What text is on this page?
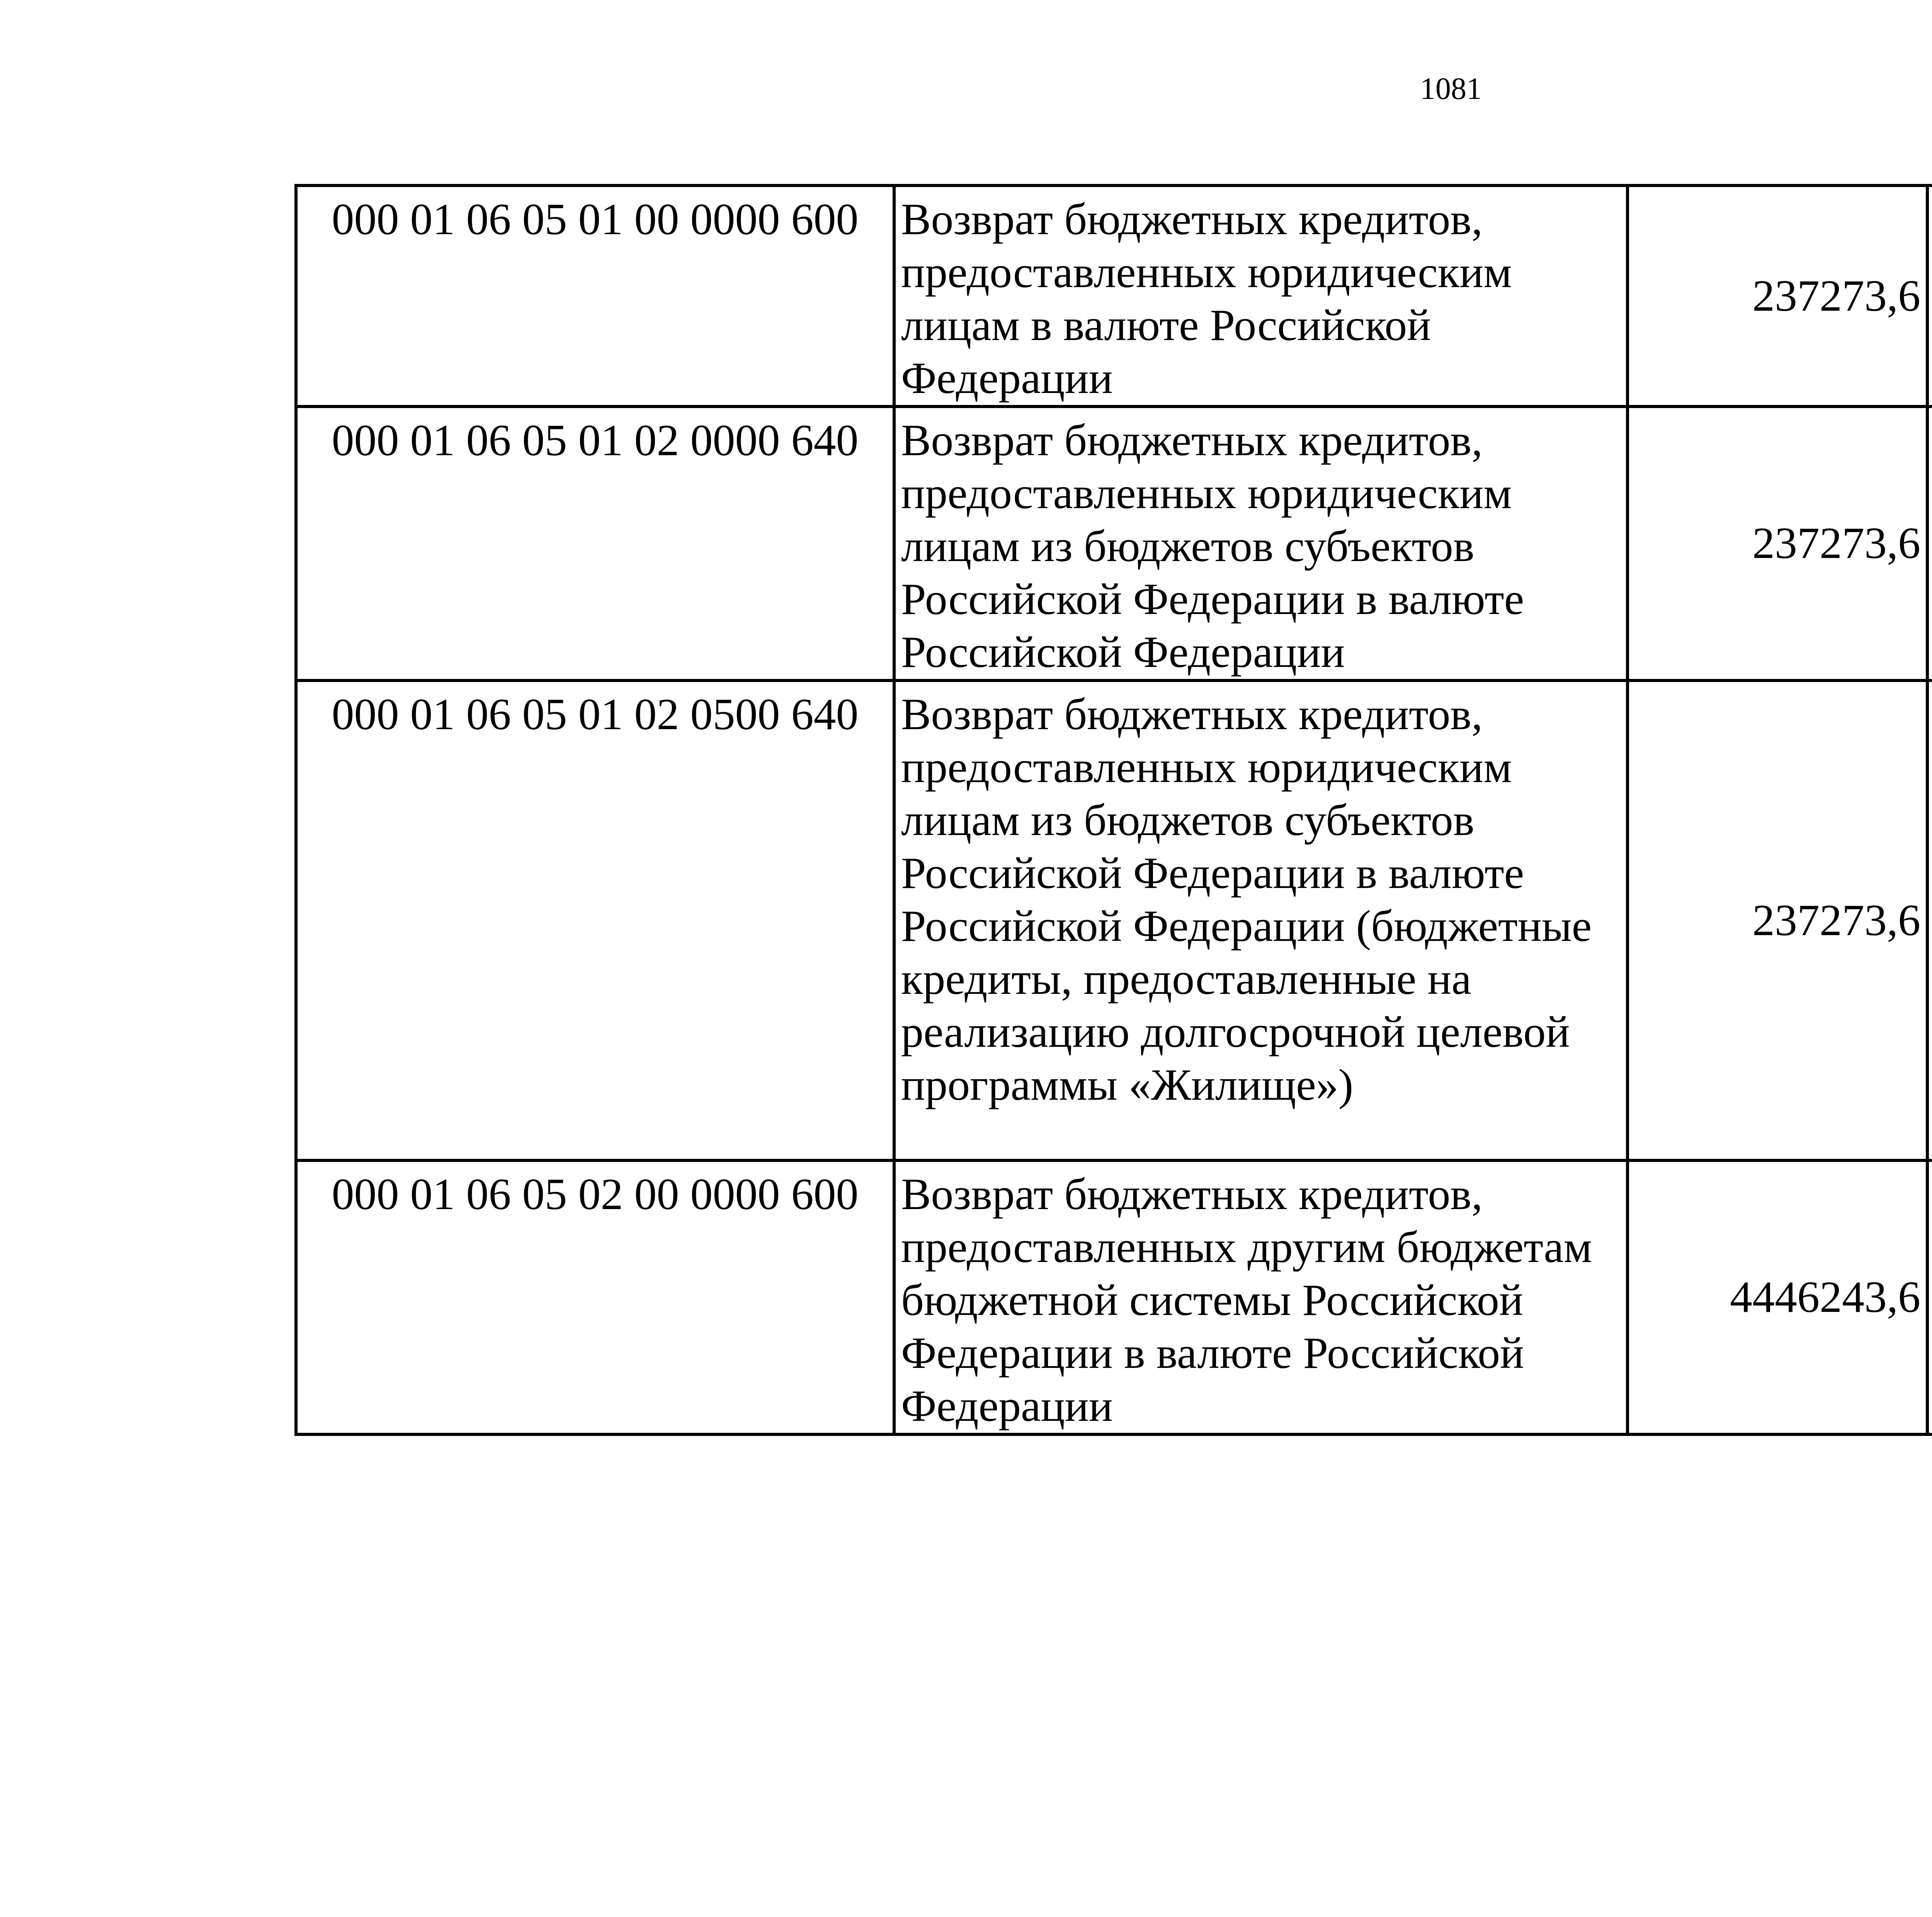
1081
000 01 06 05 01 00 0000 600	Возврат бюджетных кредитов, предоставленных юридическим лицам в валюте Российской Федерации	237273,6		
000 01 06 05 01 02 0000 640	Возврат бюджетных кредитов, предоставленных юридическим лицам из бюджетов субъектов Российской Федерации в валюте Российской Федерации	237273,6		
000 01 06 05 01 02 0500 640	Возврат бюджетных кредитов, предоставленных юридическим лицам из бюджетов субъектов Российской Федерации в валюте Российской Федерации (бюджетные кредиты, предоставленные на реализацию долгосрочной целевой программы «Жилище»)	237273,6		
000 01 06 05 02 00 0000 600	Возврат бюджетных кредитов, предоставленных другим бюджетам бюджетной системы Российской Федерации в валюте Российской Федерации	4446243,6		
